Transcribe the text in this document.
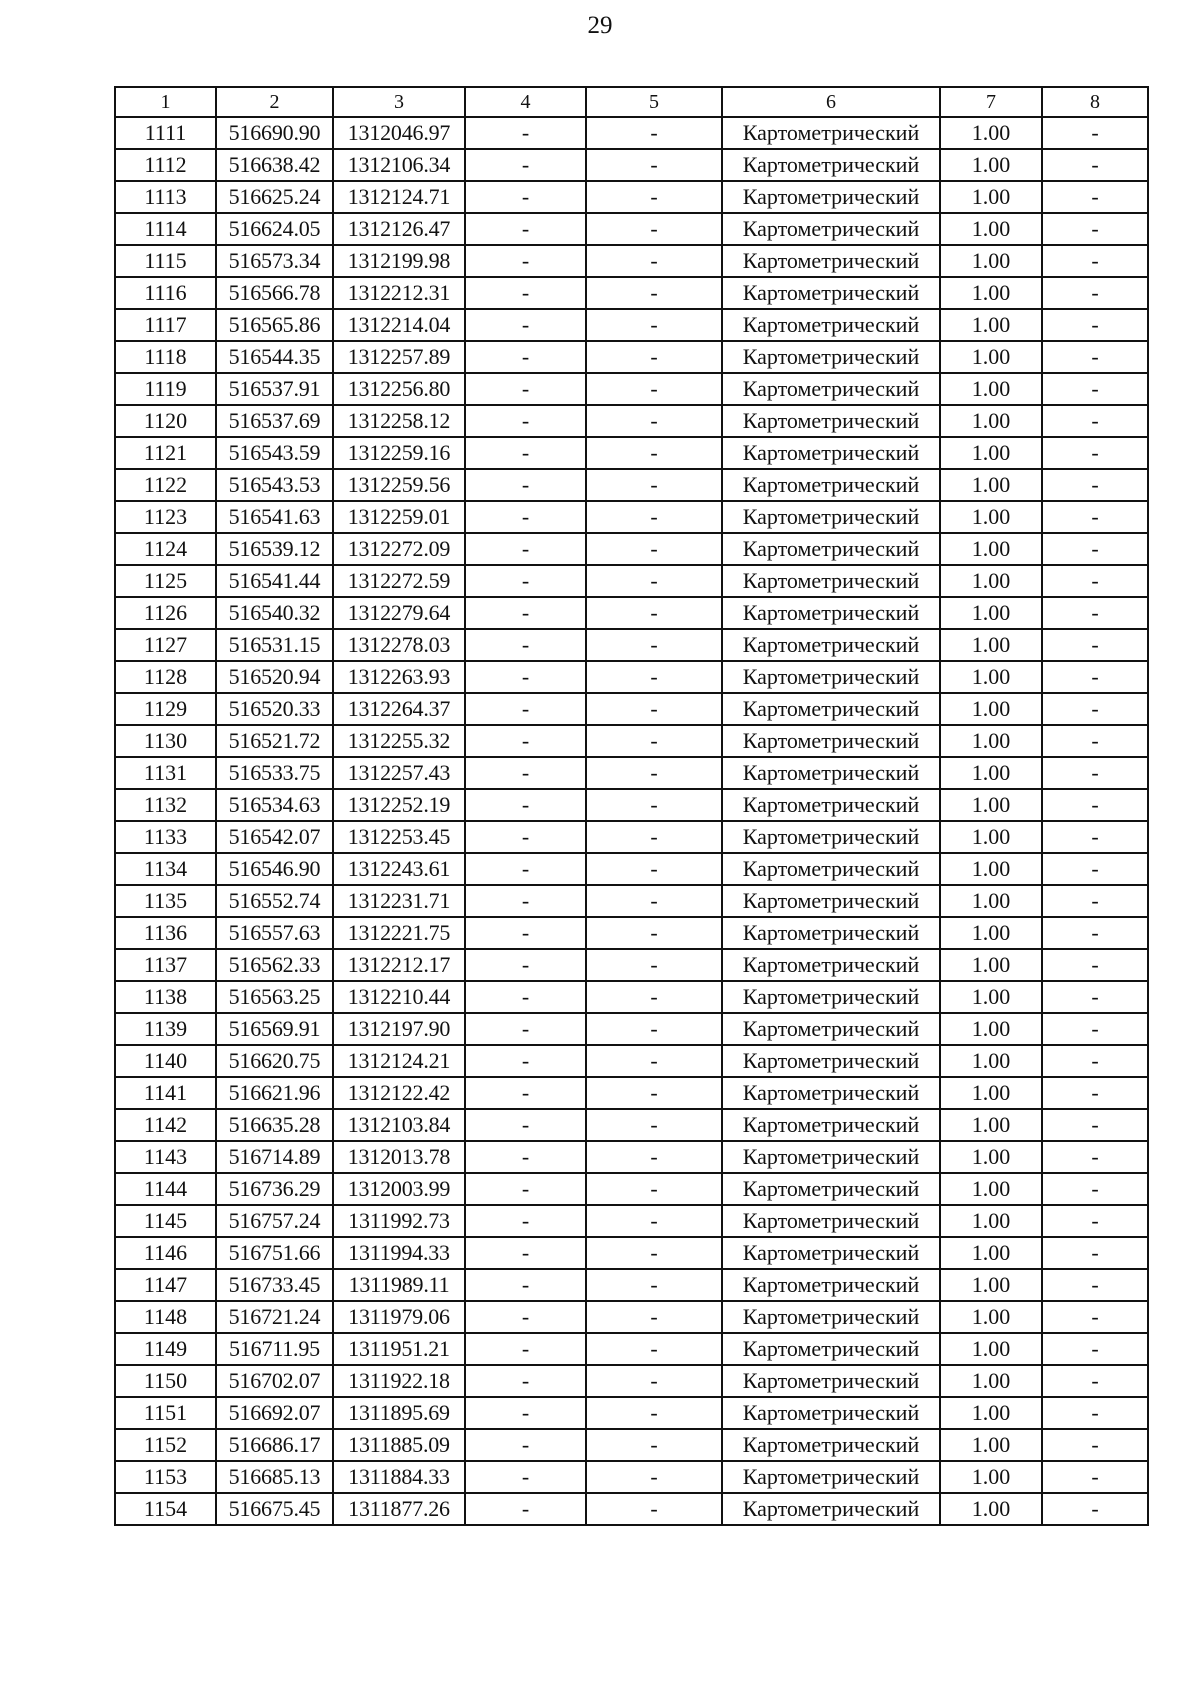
29
1	2	3	4	5	6	7	8
1111	516690.90	1312046.97	-	-	Картометрический	1.00	-
1112	516638.42	1312106.34	-	-	Картометрический	1.00	-
1113	516625.24	1312124.71	-	-	Картометрический	1.00	-
1114	516624.05	1312126.47	-	-	Картометрический	1.00	-
1115	516573.34	1312199.98	-	-	Картометрический	1.00	-
1116	516566.78	1312212.31	-	-	Картометрический	1.00	-
1117	516565.86	1312214.04	-	-	Картометрический	1.00	-
1118	516544.35	1312257.89	-	-	Картометрический	1.00	-
1119	516537.91	1312256.80	-	-	Картометрический	1.00	-
1120	516537.69	1312258.12	-	-	Картометрический	1.00	-
1121	516543.59	1312259.16	-	-	Картометрический	1.00	-
1122	516543.53	1312259.56	-	-	Картометрический	1.00	-
1123	516541.63	1312259.01	-	-	Картометрический	1.00	-
1124	516539.12	1312272.09	-	-	Картометрический	1.00	-
1125	516541.44	1312272.59	-	-	Картометрический	1.00	-
1126	516540.32	1312279.64	-	-	Картометрический	1.00	-
1127	516531.15	1312278.03	-	-	Картометрический	1.00	-
1128	516520.94	1312263.93	-	-	Картометрический	1.00	-
1129	516520.33	1312264.37	-	-	Картометрический	1.00	-
1130	516521.72	1312255.32	-	-	Картометрический	1.00	-
1131	516533.75	1312257.43	-	-	Картометрический	1.00	-
1132	516534.63	1312252.19	-	-	Картометрический	1.00	-
1133	516542.07	1312253.45	-	-	Картометрический	1.00	-
1134	516546.90	1312243.61	-	-	Картометрический	1.00	-
1135	516552.74	1312231.71	-	-	Картометрический	1.00	-
1136	516557.63	1312221.75	-	-	Картометрический	1.00	-
1137	516562.33	1312212.17	-	-	Картометрический	1.00	-
1138	516563.25	1312210.44	-	-	Картометрический	1.00	-
1139	516569.91	1312197.90	-	-	Картометрический	1.00	-
1140	516620.75	1312124.21	-	-	Картометрический	1.00	-
1141	516621.96	1312122.42	-	-	Картометрический	1.00	-
1142	516635.28	1312103.84	-	-	Картометрический	1.00	-
1143	516714.89	1312013.78	-	-	Картометрический	1.00	-
1144	516736.29	1312003.99	-	-	Картометрический	1.00	-
1145	516757.24	1311992.73	-	-	Картометрический	1.00	-
1146	516751.66	1311994.33	-	-	Картометрический	1.00	-
1147	516733.45	1311989.11	-	-	Картометрический	1.00	-
1148	516721.24	1311979.06	-	-	Картометрический	1.00	-
1149	516711.95	1311951.21	-	-	Картометрический	1.00	-
1150	516702.07	1311922.18	-	-	Картометрический	1.00	-
1151	516692.07	1311895.69	-	-	Картометрический	1.00	-
1152	516686.17	1311885.09	-	-	Картометрический	1.00	-
1153	516685.13	1311884.33	-	-	Картометрический	1.00	-
1154	516675.45	1311877.26	-	-	Картометрический	1.00	-
